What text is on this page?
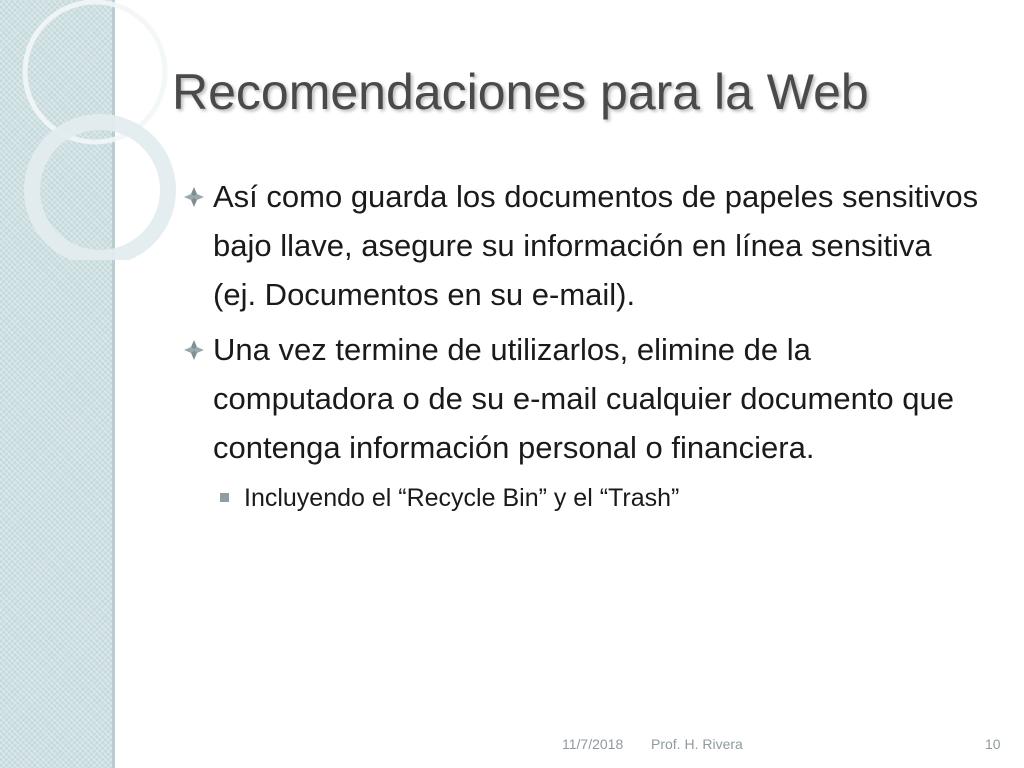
Recomendaciones para la Web
Así como guarda los documentos de papeles sensitivos bajo llave, asegure su información en línea sensitiva (ej. Documentos en su e-mail).
Una vez termine de utilizarlos, elimine de la computadora o de su e-mail cualquier documento que contenga información personal o financiera.
Incluyendo el “Recycle Bin” y el “Trash”
11/7/2018 Prof. H. Rivera	10
